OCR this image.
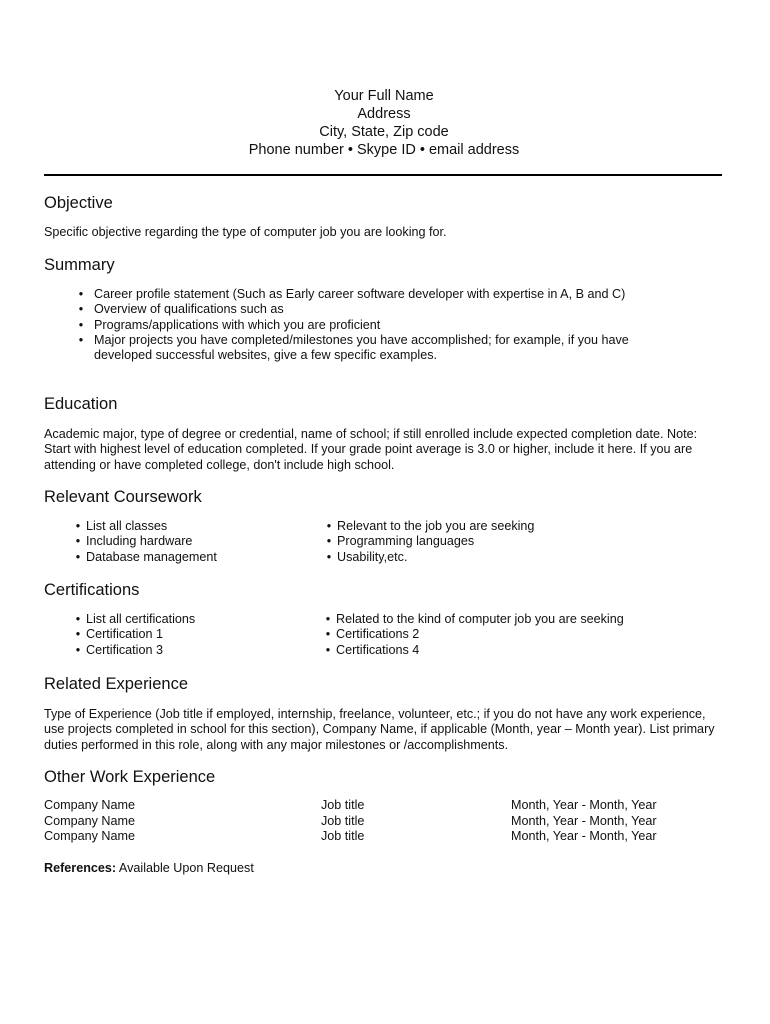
Your Full Name
Address
City, State, Zip code
Phone number • Skype ID • email address
Objective

Specific objective regarding the type of computer job you are looking for.

Summary
• Career profile statement (Such as Early career software developer with expertise in A, B and C)
• Overview of qualifications such as
• Programs/applications with which you are proficient
• Major projects you have completed/milestones you have accomplished; for example, if you have developed successful websites, give a few specific examples.
Education

Academic major, type of degree or credential, name of school; if still enrolled include expected completion date. Note: Start with highest level of education completed. If your grade point average is 3.0 or higher, include it here. If you are attending or have completed college, don't include high school.

Relevant Coursework
• List all classes
• Including hardware
• Database management
• Relevant to the job you are seeking
• Programming languages
• Usability,etc.
Certifications
• List all certifications
• Certification 1
• Certification 3
• Related to the kind of computer job you are seeking
• Certifications 2
• Certifications 4
Related Experience

Type of Experience (Job title if employed, internship, freelance, volunteer, etc.; if you do not have any work experience, use projects completed in school for this section), Company Name, if applicable (Month, year – Month year). List primary duties performed in this role, along with any major milestones or /accomplishments.

Other Work Experience
Company Name	Job title	Month, Year - Month, Year
Company Name	Job title	Month, Year - Month, Year
Company Name	Job title	Month, Year - Month, Year
References: Available Upon Request
